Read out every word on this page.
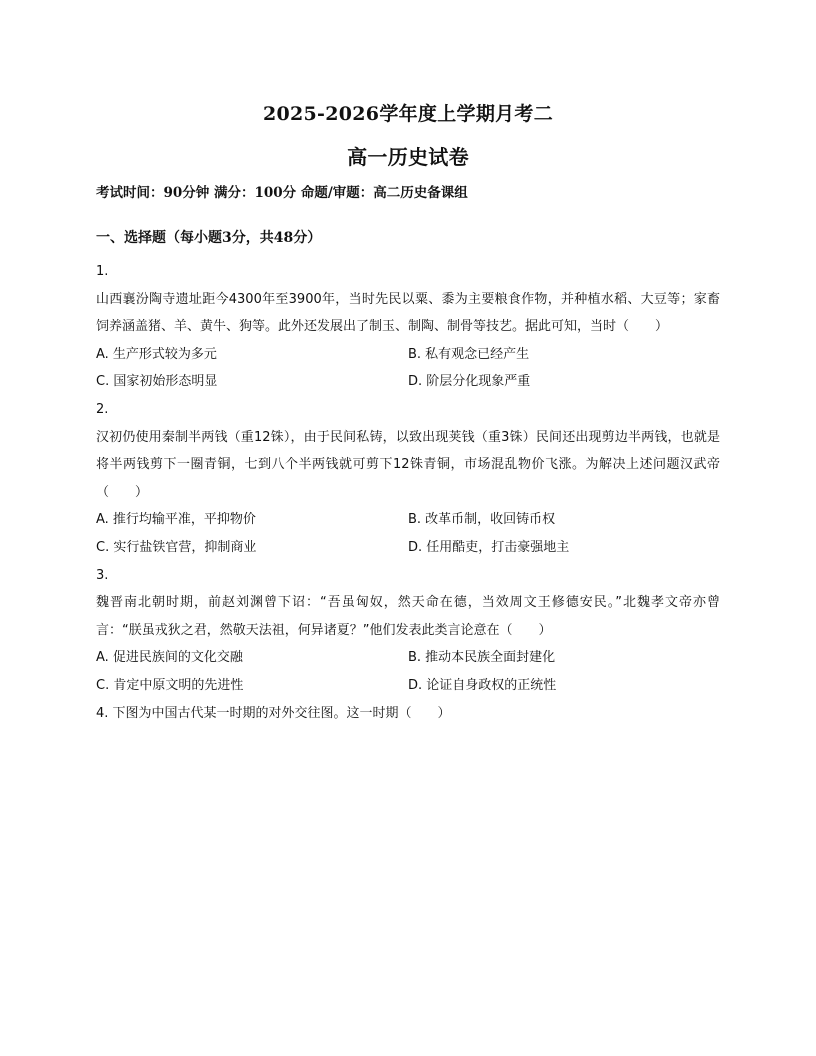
2025-2026学年度上学期月考二
高一历史试卷
考试时间：90分钟 满分：100分 命题/审题：高二历史备课组
一、选择题（每小题3分，共48分）
1.
山西襄汾陶寺遗址距今4300年至3900年，当时先民以粟、黍为主要粮食作物，并种植水稻、大豆等；家畜饲养涵盖猪、羊、黄牛、狗等。此外还发展出了制玉、制陶、制骨等技艺。据此可知，当时（　　）
A. 生产形式较为多元	B. 私有观念已经产生
C. 国家初始形态明显	D. 阶层分化现象严重
2.
汉初仍使用秦制半两钱（重12铢），由于民间私铸，以致出现荚钱（重3铢）民间还出现剪边半两钱，也就是将半两钱剪下一圈青铜，七到八个半两钱就可剪下12铢青铜，市场混乱物价飞涨。为解决上述问题汉武帝（　　）
A. 推行均输平准，平抑物价	B. 改革币制，收回铸币权
C. 实行盐铁官营，抑制商业	D. 任用酷吏，打击豪强地主
3.
魏晋南北朝时期，前赵刘渊曾下诏：“吾虽匈奴，然天命在德，当效周文王修德安民。”北魏孝文帝亦曾言：“朕虽戎狄之君，然敬天法祖，何异诸夏？”他们发表此类言论意在（　　）
A. 促进民族间的文化交融	B. 推动本民族全面封建化
C. 肯定中原文明的先进性	D. 论证自身政权的正统性
4. 下图为中国古代某一时期的对外交往图。这一时期（　　）
